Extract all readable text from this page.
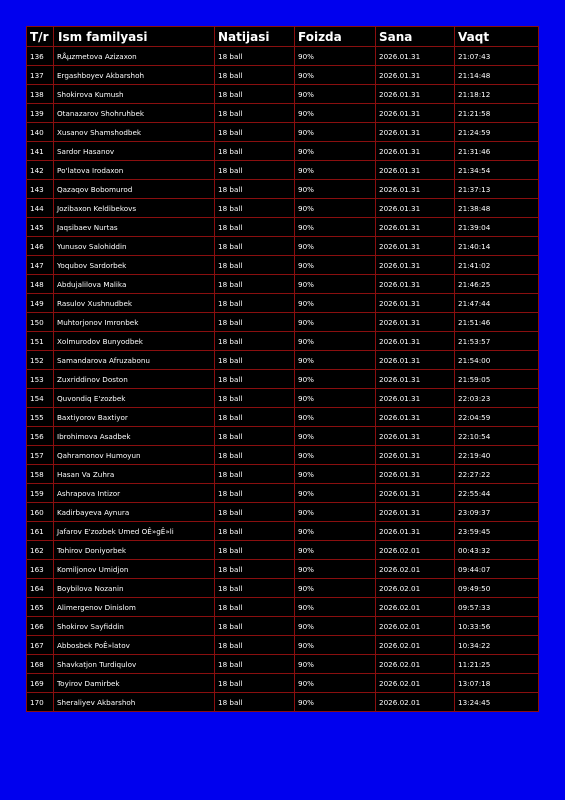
T/r	Ism familyasi	Natijasi	Foizda	Sana	Vaqt
136	RÅµzmetova Azizaxon	18 ball	90%	2026.01.31	21:07:43
137	Ergashboyev Akbarshoh	18 ball	90%	2026.01.31	21:14:48
138	Shokirova Kumush	18 ball	90%	2026.01.31	21:18:12
139	Otanazarov Shohruhbek	18 ball	90%	2026.01.31	21:21:58
140	Xusanov Shamshodbek	18 ball	90%	2026.01.31	21:24:59
141	Sardor Hasanov	18 ball	90%	2026.01.31	21:31:46
142	Po'latova Irodaxon	18 ball	90%	2026.01.31	21:34:54
143	Qazaqov Bobomurod	18 ball	90%	2026.01.31	21:37:13
144	Jozibaxon Keldibekovs	18 ball	90%	2026.01.31	21:38:48
145	Jaqsibaev Nurtas	18 ball	90%	2026.01.31	21:39:04
146	Yunusov Salohiddin	18 ball	90%	2026.01.31	21:40:14
147	Yoqubov Sardorbek	18 ball	90%	2026.01.31	21:41:02
148	Abdujalilova Malika	18 ball	90%	2026.01.31	21:46:25
149	Rasulov Xushnudbek	18 ball	90%	2026.01.31	21:47:44
150	Muhtorjonov Imronbek	18 ball	90%	2026.01.31	21:51:46
151	Xolmurodov Bunyodbek	18 ball	90%	2026.01.31	21:53:57
152	Samandarova Afruzabonu	18 ball	90%	2026.01.31	21:54:00
153	Zuxriddinov Doston	18 ball	90%	2026.01.31	21:59:05
154	Quvondiq E'zozbek	18 ball	90%	2026.01.31	22:03:23
155	Baxtiyorov Baxtiyor	18 ball	90%	2026.01.31	22:04:59
156	Ibrohimova Asadbek	18 ball	90%	2026.01.31	22:10:54
157	Qahramonov Humoyun	18 ball	90%	2026.01.31	22:19:40
158	Hasan Va Zuhra	18 ball	90%	2026.01.31	22:27:22
159	Ashrapova Intizor	18 ball	90%	2026.01.31	22:55:44
160	Kadirbayeva Aynura	18 ball	90%	2026.01.31	23:09:37
161	Jafarov E'zozbek Umed OÊ»gÊ»li	18 ball	90%	2026.01.31	23:59:45
162	Tohirov Doniyorbek	18 ball	90%	2026.02.01	00:43:32
163	Komiljonov Umidjon	18 ball	90%	2026.02.01	09:44:07
164	Boybilova Nozanin	18 ball	90%	2026.02.01	09:49:50
165	Alimergenov Dinislom	18 ball	90%	2026.02.01	09:57:33
166	Shokirov Sayfiddin	18 ball	90%	2026.02.01	10:33:56
167	Abbosbek PoÊ»latov	18 ball	90%	2026.02.01	10:34:22
168	Shavkatjon Turdiqulov	18 ball	90%	2026.02.01	11:21:25
169	Toyirov Damirbek	18 ball	90%	2026.02.01	13:07:18
170	Sheraliyev Akbarshoh	18 ball	90%	2026.02.01	13:24:45
